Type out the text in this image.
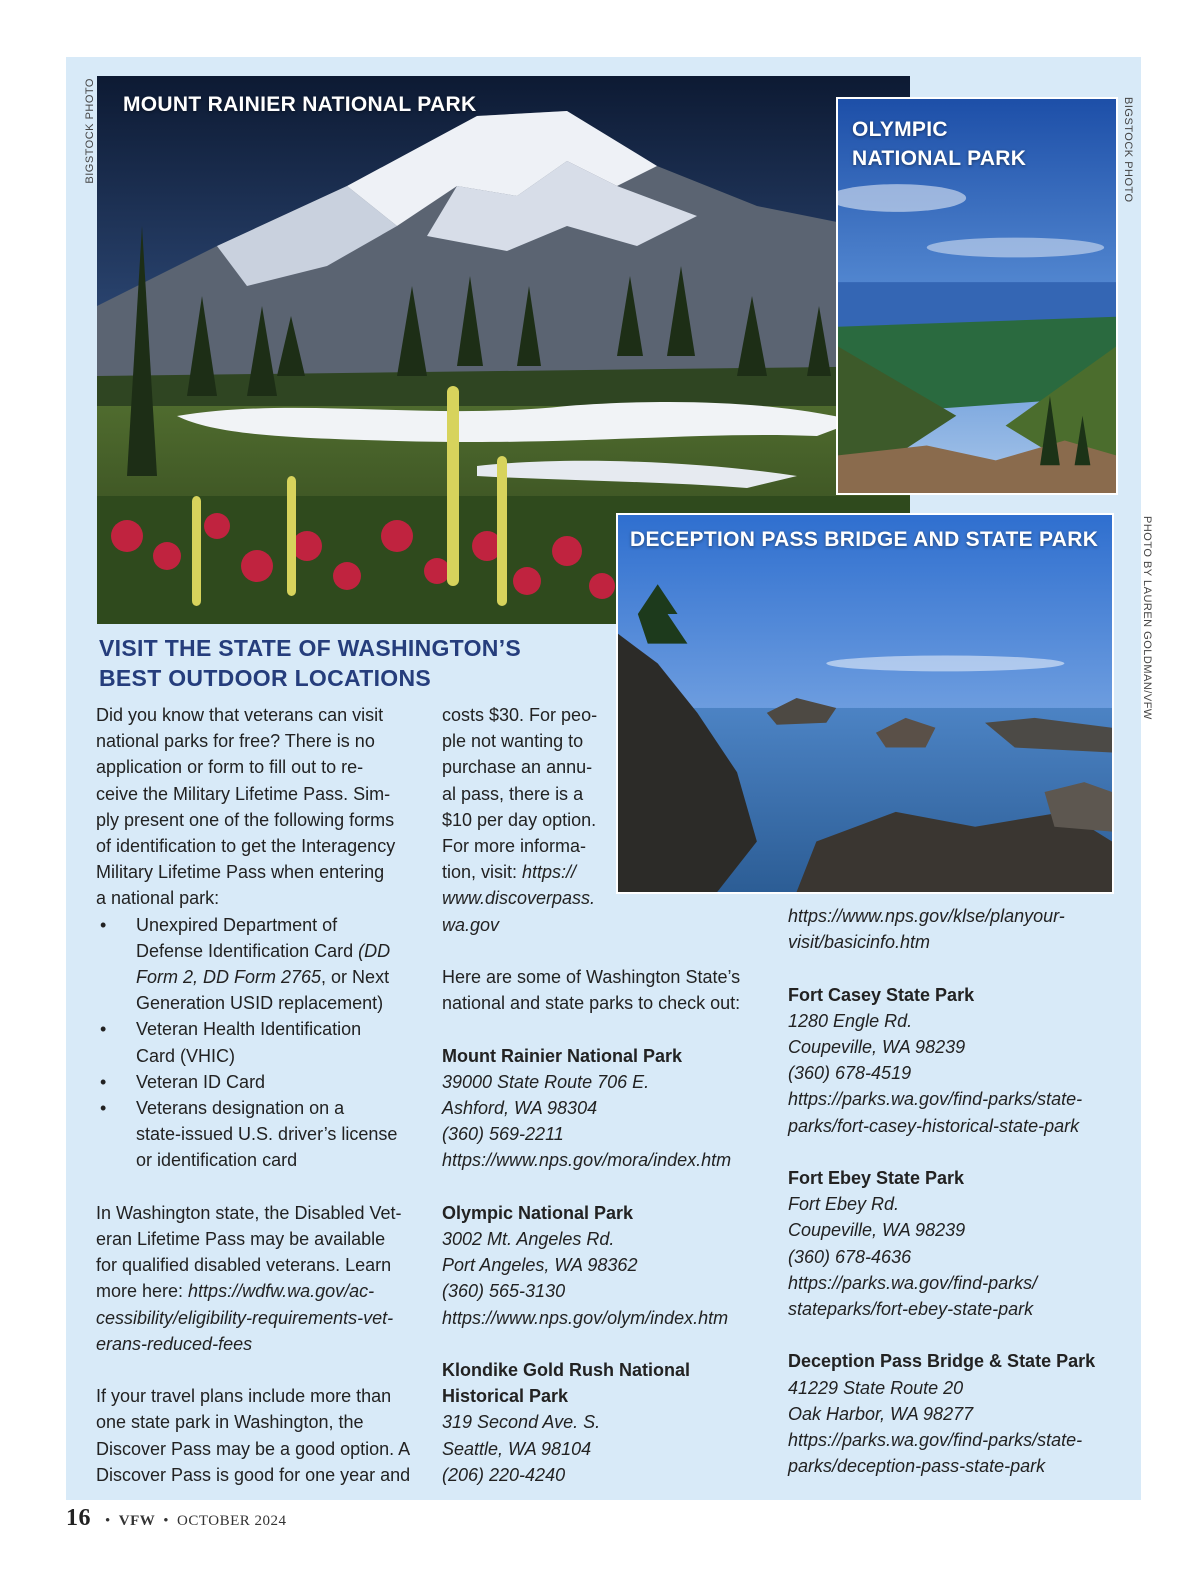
BIGSTOCK PHOTO	BIGSTOCK PHOTO
PHOTO BY LAUREN GOLDMAN/VFW
MOUNT RAINIER NATIONAL PARK
OLYMPIC
NATIONAL PARK
DECEPTION PASS BRIDGE AND STATE PARK
VISIT THE STATE OF WASHINGTON’S
BEST OUTDOOR LOCATIONS

Did you know that veterans can visit

national parks for free? There is no

application or form to fill out to re-

ceive the Military Lifetime Pass. Sim-

ply present one of the following forms

of identification to get the Interagency

Military Lifetime Pass when entering

a national park:

• Unexpired Department of
Defense Identification Card (DD
Form 2, DD Form 2765, or Next
Generation USID replacement)
• Veteran Health Identification
Card (VHIC)
• Veteran ID Card
• Veterans designation on a
state-issued U.S. driver’s license
or identification card

In Washington state, the Disabled Vet-

eran Lifetime Pass may be available

for qualified disabled veterans. Learn

more here: https://wdfw.wa.gov/ac-

cessibility/eligibility-requirements-vet-

erans-reduced-fees

If your travel plans include more than

one state park in Washington, the

Discover Pass may be a good option. A

Discover Pass is good for one year and

costs $30. For peo-

ple not wanting to

purchase an annu-

al pass, there is a

$10 per day option.

For more informa-

tion, visit: https://

www.discoverpass.

wa.gov

Here are some of Washington State’s

national and state parks to check out:

Mount Rainier National Park

39000 State Route 706 E.

Ashford, WA 98304

(360) 569-2211

https://www.nps.gov/mora/index.htm

Olympic National Park

3002 Mt. Angeles Rd.

Port Angeles, WA 98362

(360) 565-3130

https://www.nps.gov/olym/index.htm

Klondike Gold Rush National

Historical Park

319 Second Ave. S.

Seattle, WA 98104

(206) 220-4240

https://www.nps.gov/klse/planyour-

visit/basicinfo.htm

Fort Casey State Park

1280 Engle Rd.

Coupeville, WA 98239

(360) 678-4519

https://parks.wa.gov/find-parks/state-

parks/fort-casey-historical-state-park

Fort Ebey State Park

Fort Ebey Rd.

Coupeville, WA 98239

(360) 678-4636

https://parks.wa.gov/find-parks/

stateparks/fort-ebey-state-park

Deception Pass Bridge & State Park

41229 State Route 20

Oak Harbor, WA 98277

https://parks.wa.gov/find-parks/state-

parks/deception-pass-state-park

16 • VFW • OCTOBER 2024
